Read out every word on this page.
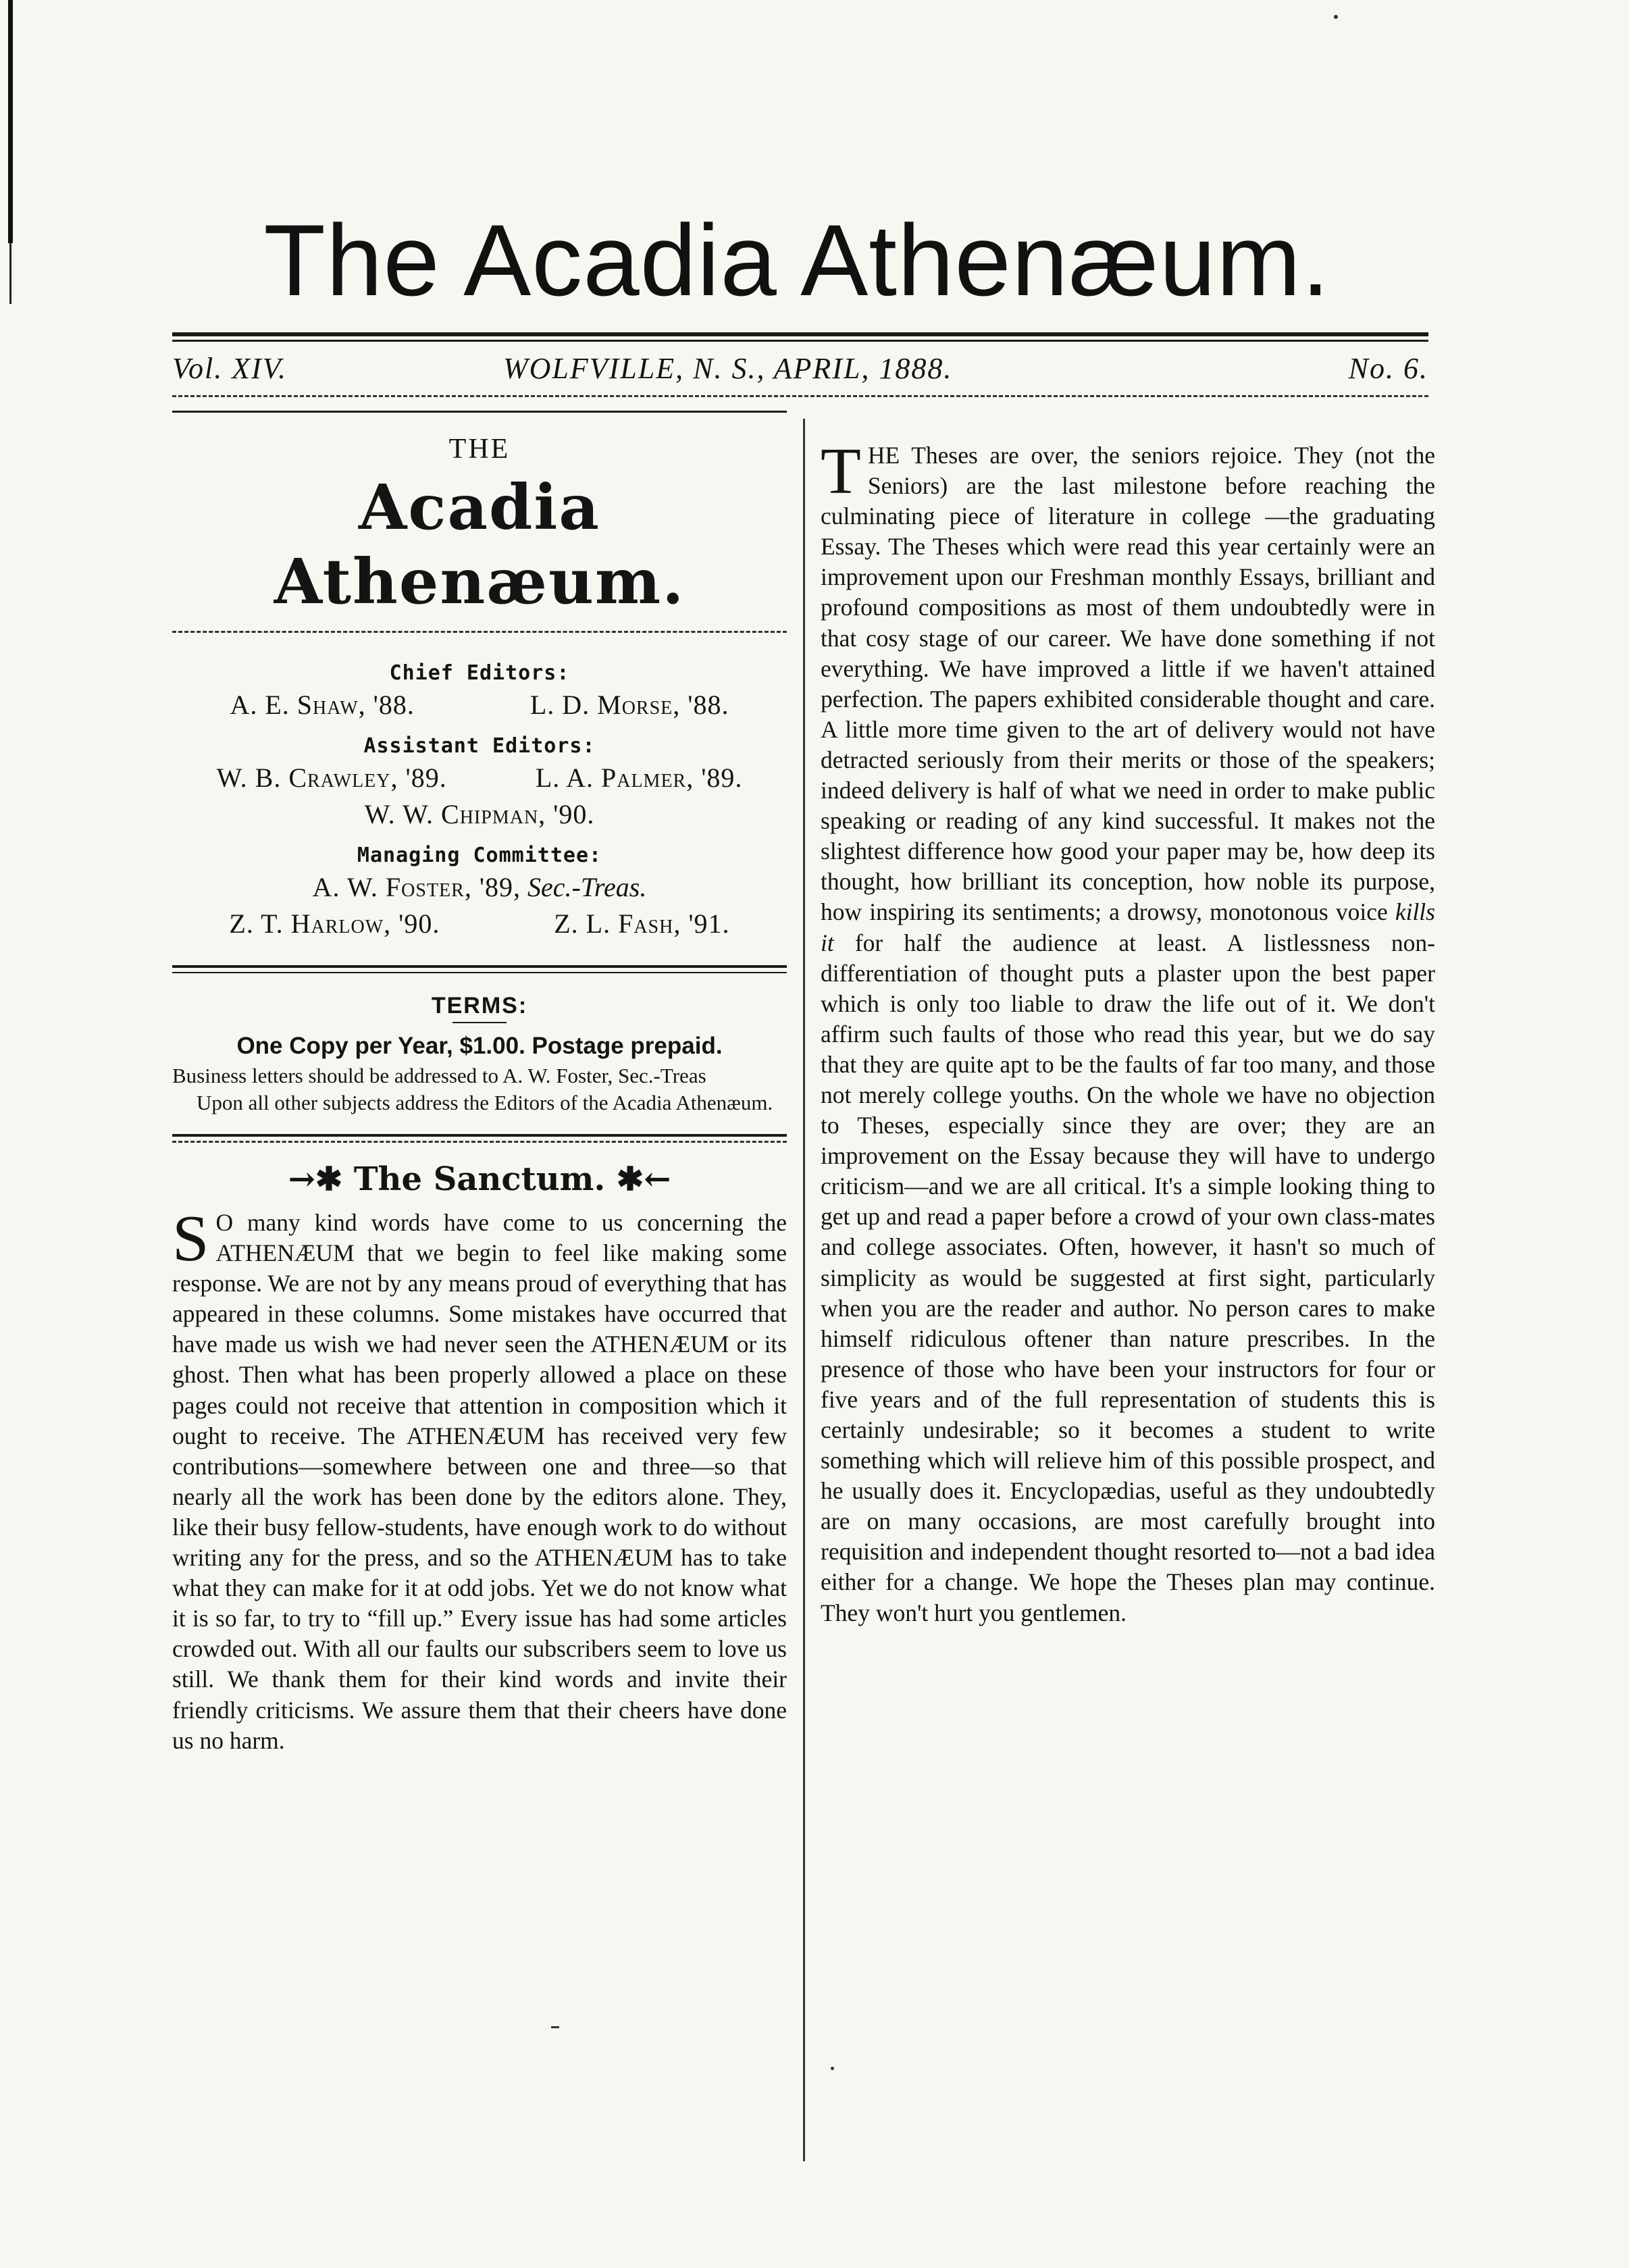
The Acadia Athenæum.
Vol. XIV.	WOLFVILLE, N. S., APRIL, 1888.	No. 6.
THE
Acadia Athenæum.
Chief Editors:
A. E. Shaw, '88.	L. D. Morse, '88.
Assistant Editors:
W. B. Crawley, '89.	L. A. Palmer, '89.
W. W. Chipman, '90.
Managing Committee:
A. W. Foster, '89, Sec.-Treas.
Z. T. Harlow, '90.	Z. L. Fash, '91.
TERMS:
One Copy per Year, $1.00. Postage prepaid.
Business letters should be addressed to A. W. Foster, Sec.-Treas
Upon all other subjects address the Editors of the Acadia Athenæum.
→✱ The Sanctum. ✱←
S O many kind words have come to us concerning the ATHENÆUM that we begin to feel like making some response. We are not by any means proud of everything that has appeared in these columns. Some mistakes have occurred that have made us wish we had never seen the ATHENÆUM or its ghost. Then what has been properly allowed a place on these pages could not receive that attention in composition which it ought to receive. The ATHENÆUM has received very few contributions—somewhere between one and three—so that nearly all the work has been done by the editors alone. They, like their busy fellow-students, have enough work to do without writing any for the press, and so the ATHENÆUM has to take what they can make for it at odd jobs. Yet we do not know what it is so far, to try to “fill up.” Every issue has had some articles crowded out. With all our faults our subscribers seem to love us still. We thank them for their kind words and invite their friendly criticisms. We assure them that their cheers have done us no harm.
THE Theses are over, the seniors rejoice. They (not the Seniors) are the last milestone before reaching the culminating piece of literature in college —the graduating Essay. The Theses which were read this year certainly were an improvement upon our Freshman monthly Essays, brilliant and profound compositions as most of them undoubtedly were in that cosy stage of our career. We have done something if not everything. We have improved a little if we haven't attained perfection. The papers exhibited considerable thought and care. A little more time given to the art of delivery would not have detracted seriously from their merits or those of the speakers; indeed delivery is half of what we need in order to make public speaking or reading of any kind successful. It makes not the slightest difference how good your paper may be, how deep its thought, how brilliant its conception, how noble its purpose, how inspiring its sentiments; a drowsy, monotonous voice kills it for half the audience at least. A listlessness non-differentiation of thought puts a plaster upon the best paper which is only too liable to draw the life out of it. We don't affirm such faults of those who read this year, but we do say that they are quite apt to be the faults of far too many, and those not merely college youths. On the whole we have no objection to Theses, especially since they are over; they are an improvement on the Essay because they will have to undergo criticism—and we are all critical. It's a simple looking thing to get up and read a paper before a crowd of your own class-mates and college associates. Often, however, it hasn't so much of simplicity as would be suggested at first sight, particularly when you are the reader and author. No person cares to make himself ridiculous oftener than nature prescribes. In the presence of those who have been your instructors for four or five years and of the full representation of students this is certainly undesirable; so it becomes a student to write something which will relieve him of this possible prospect, and he usually does it. Encyclopædias, useful as they undoubtedly are on many occasions, are most carefully brought into requisition and independent thought resorted to—not a bad idea either for a change. We hope the Theses plan may continue. They won't hurt you gentlemen.
